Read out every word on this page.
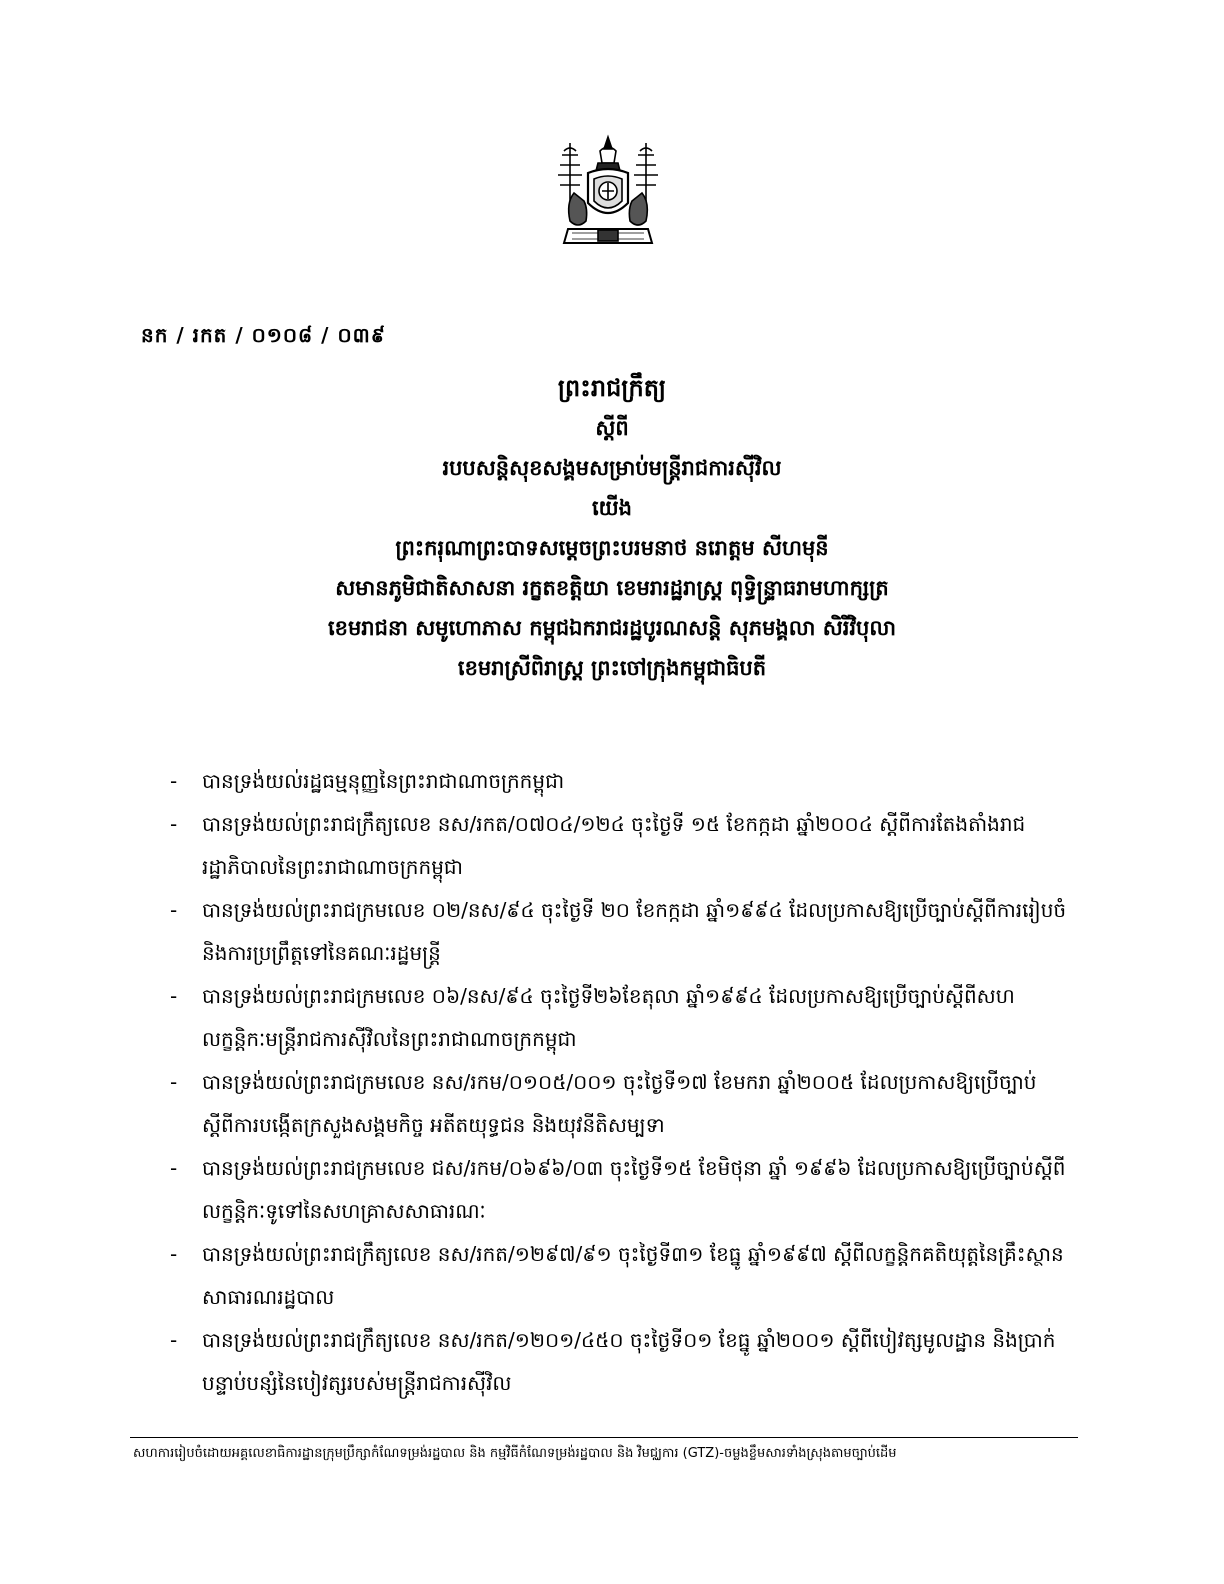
នក / រកត / ០១០៨ / ០៣៩
ព្រះរាជក្រឹត្យ
ស្ដីពី
របបសន្តិសុខសង្គមសម្រាប់មន្ត្រីរាជការស៊ីវិល
យើង
ព្រះករុណាព្រះបាទសម្តេចព្រះបរមនាថ នរោត្តម សីហមុនី
សមានភូមិជាតិសាសនា រក្ខតខត្តិយា ខេមរារដ្ឋរាស្ត្រ ពុទ្ធិន្ទ្រាធរាមហាក្សត្រ
ខេមរាជនា សមូហោភាស កម្ពុជឯករាជរដ្ឋបូរណសន្តិ សុភមង្គលា សិរីវិបុលា
ខេមរាស្រីពិរាស្ត្រ ព្រះចៅក្រុងកម្ពុជាធិបតី
- បានទ្រង់យល់រដ្ឋធម្មនុញ្ញនៃព្រះរាជាណាចក្រកម្ពុជា
- បានទ្រង់យល់ព្រះរាជក្រឹត្យលេខ នស/រកត/០៧០៤/១២៤ ចុះថ្ងៃទី ១៥ ខែកក្កដា ឆ្នាំ២០០៤ ស្តីពីការតែងតាំងរាជរដ្ឋាភិបាលនៃព្រះរាជាណាចក្រកម្ពុជា
- បានទ្រង់យល់ព្រះរាជក្រមលេខ ០២/នស/៩៤ ចុះថ្ងៃទី ២០ ខែកក្កដា ឆ្នាំ១៩៩៤ ដែលប្រកាសឱ្យប្រើច្បាប់ស្តីពីការរៀបចំ និងការប្រព្រឹត្តទៅនៃគណៈរដ្ឋមន្ត្រី
- បានទ្រង់យល់ព្រះរាជក្រមលេខ ០៦/នស/៩៤ ចុះថ្ងៃទី២៦ខែតុលា ឆ្នាំ១៩៩៤ ដែលប្រកាសឱ្យប្រើច្បាប់ស្តីពីសហលក្ខន្តិកៈមន្ត្រីរាជការស៊ីវិលនៃព្រះរាជាណាចក្រកម្ពុជា
- បានទ្រង់យល់ព្រះរាជក្រមលេខ នស/រកម/០១០៥/០០១ ចុះថ្ងៃទី១៧ ខែមករា ឆ្នាំ២០០៥ ដែលប្រកាសឱ្យប្រើច្បាប់ស្តីពីការបង្កើតក្រសួងសង្គមកិច្ច អតីតយុទ្ធជន និងយុវនីតិសម្បទា
- បានទ្រង់យល់ព្រះរាជក្រមលេខ ជស/រកម/០៦៩៦/០៣ ចុះថ្ងៃទី១៥ ខែមិថុនា ឆ្នាំ ១៩៩៦ ដែលប្រកាសឱ្យប្រើច្បាប់ស្តីពីលក្ខន្តិកៈទូទៅនៃសហគ្រាសសាធារណៈ
- បានទ្រង់យល់ព្រះរាជក្រឹត្យលេខ នស/រកត/១២៩៧/៩១ ចុះថ្ងៃទី៣១ ខែធ្នូ ឆ្នាំ១៩៩៧ ស្តីពីលក្ខន្តិកគតិយុត្តនៃគ្រឹះស្ថានសាធារណរដ្ឋបាល
- បានទ្រង់យល់ព្រះរាជក្រឹត្យលេខ នស/រកត/១២០១/៤៥០ ចុះថ្ងៃទី០១ ខែធ្នូ ឆ្នាំ២០០១ ស្តីពីបៀវត្សមូលដ្ឋាន និងប្រាក់បន្ទាប់បន្សំនៃបៀវត្សរបស់មន្ត្រីរាជការស៊ីវិល
សហការរៀបចំដោយអគ្គលេខាធិការដ្ឋានក្រុមប្រឹក្សាកំណែទម្រង់រដ្ឋបាល និង កម្មវិធីកំណែទម្រង់រដ្ឋបាល និង វិមជ្ឈការ (GTZ)-ចម្លងខ្លឹមសារទាំងស្រុងតាមច្បាប់ដើម
